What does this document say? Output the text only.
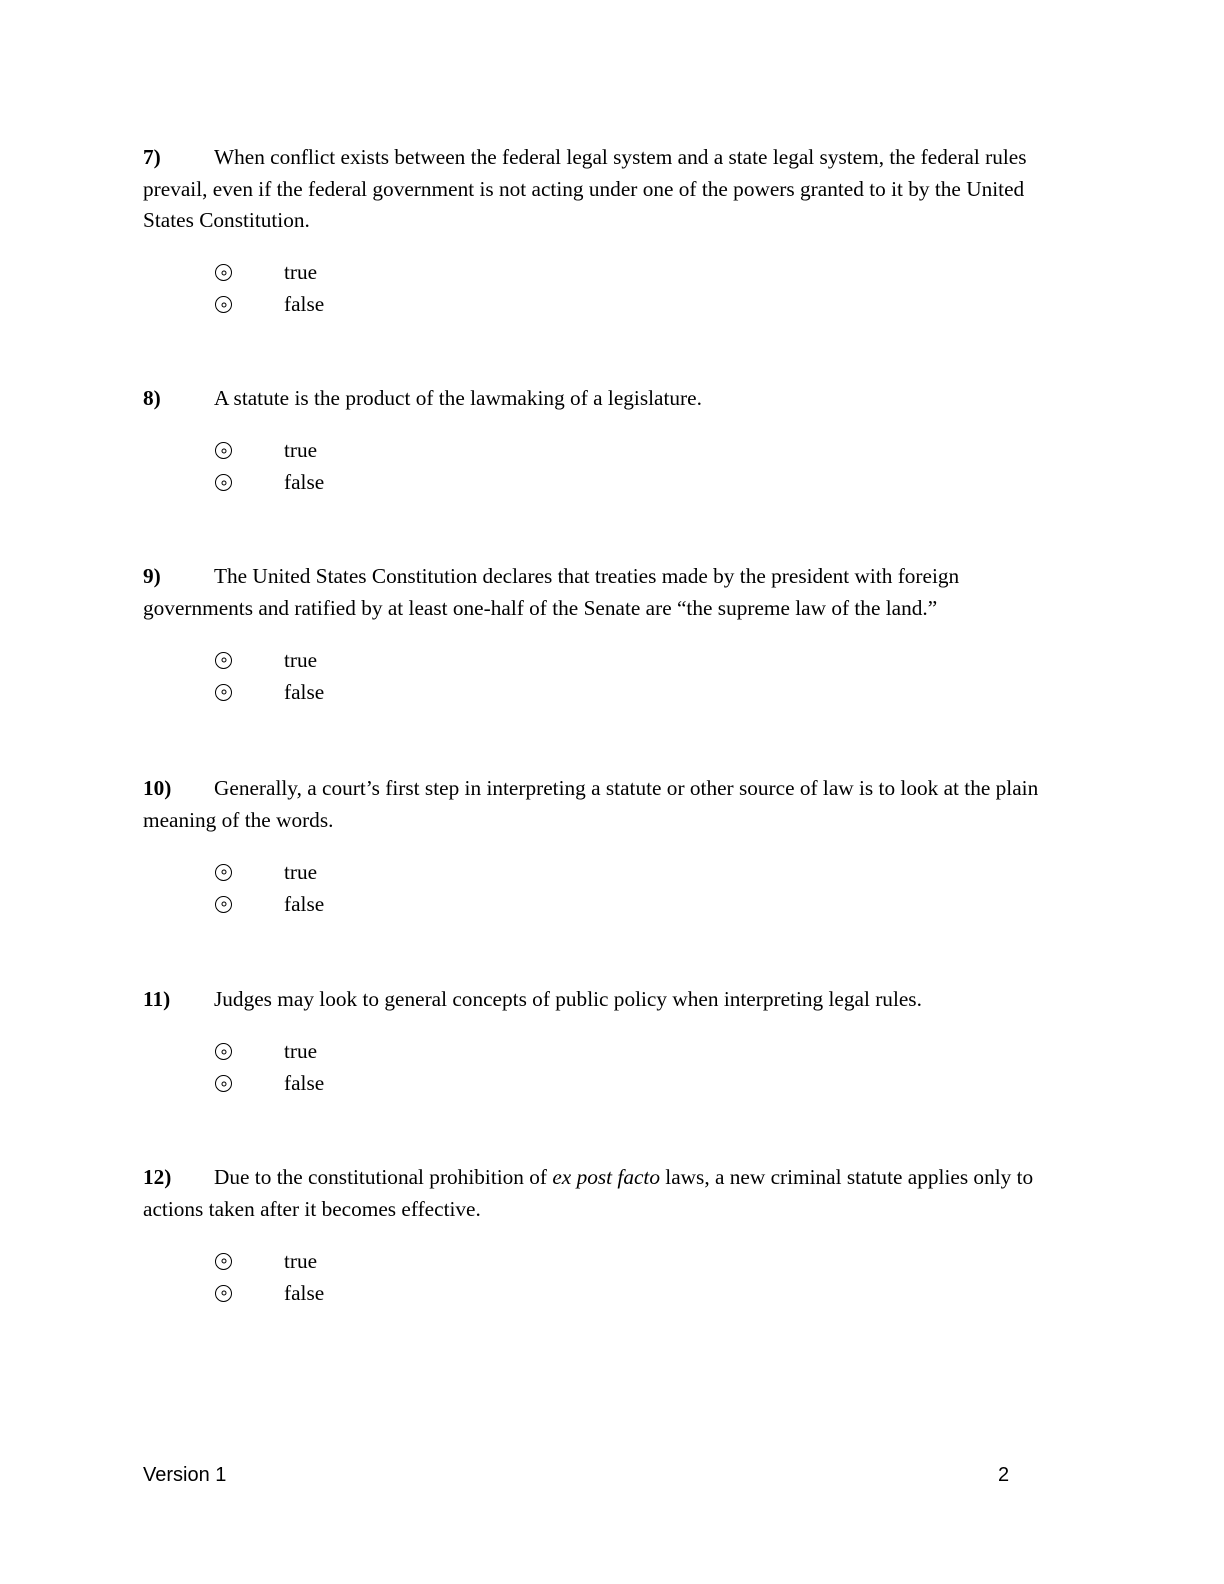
7)	When conflict exists between the federal legal system and a state legal system, the federal rules prevail, even if the federal government is not acting under one of the powers granted to it by the United States Constitution.

true
false

8)	A statute is the product of the lawmaking of a legislature.

true
false

9)	The United States Constitution declares that treaties made by the president with foreign governments and ratified by at least one-half of the Senate are “the supreme law of the land.”

true
false

10) Generally, a court’s first step in interpreting a statute or other source of law is to look at the plain meaning of the words.

true
false

11) Judges may look to general concepts of public policy when interpreting legal rules.

true
false

12) Due to the constitutional prohibition of ex post facto laws, a new criminal statute applies only to actions taken after it becomes effective.

true
false
Version 1	2
